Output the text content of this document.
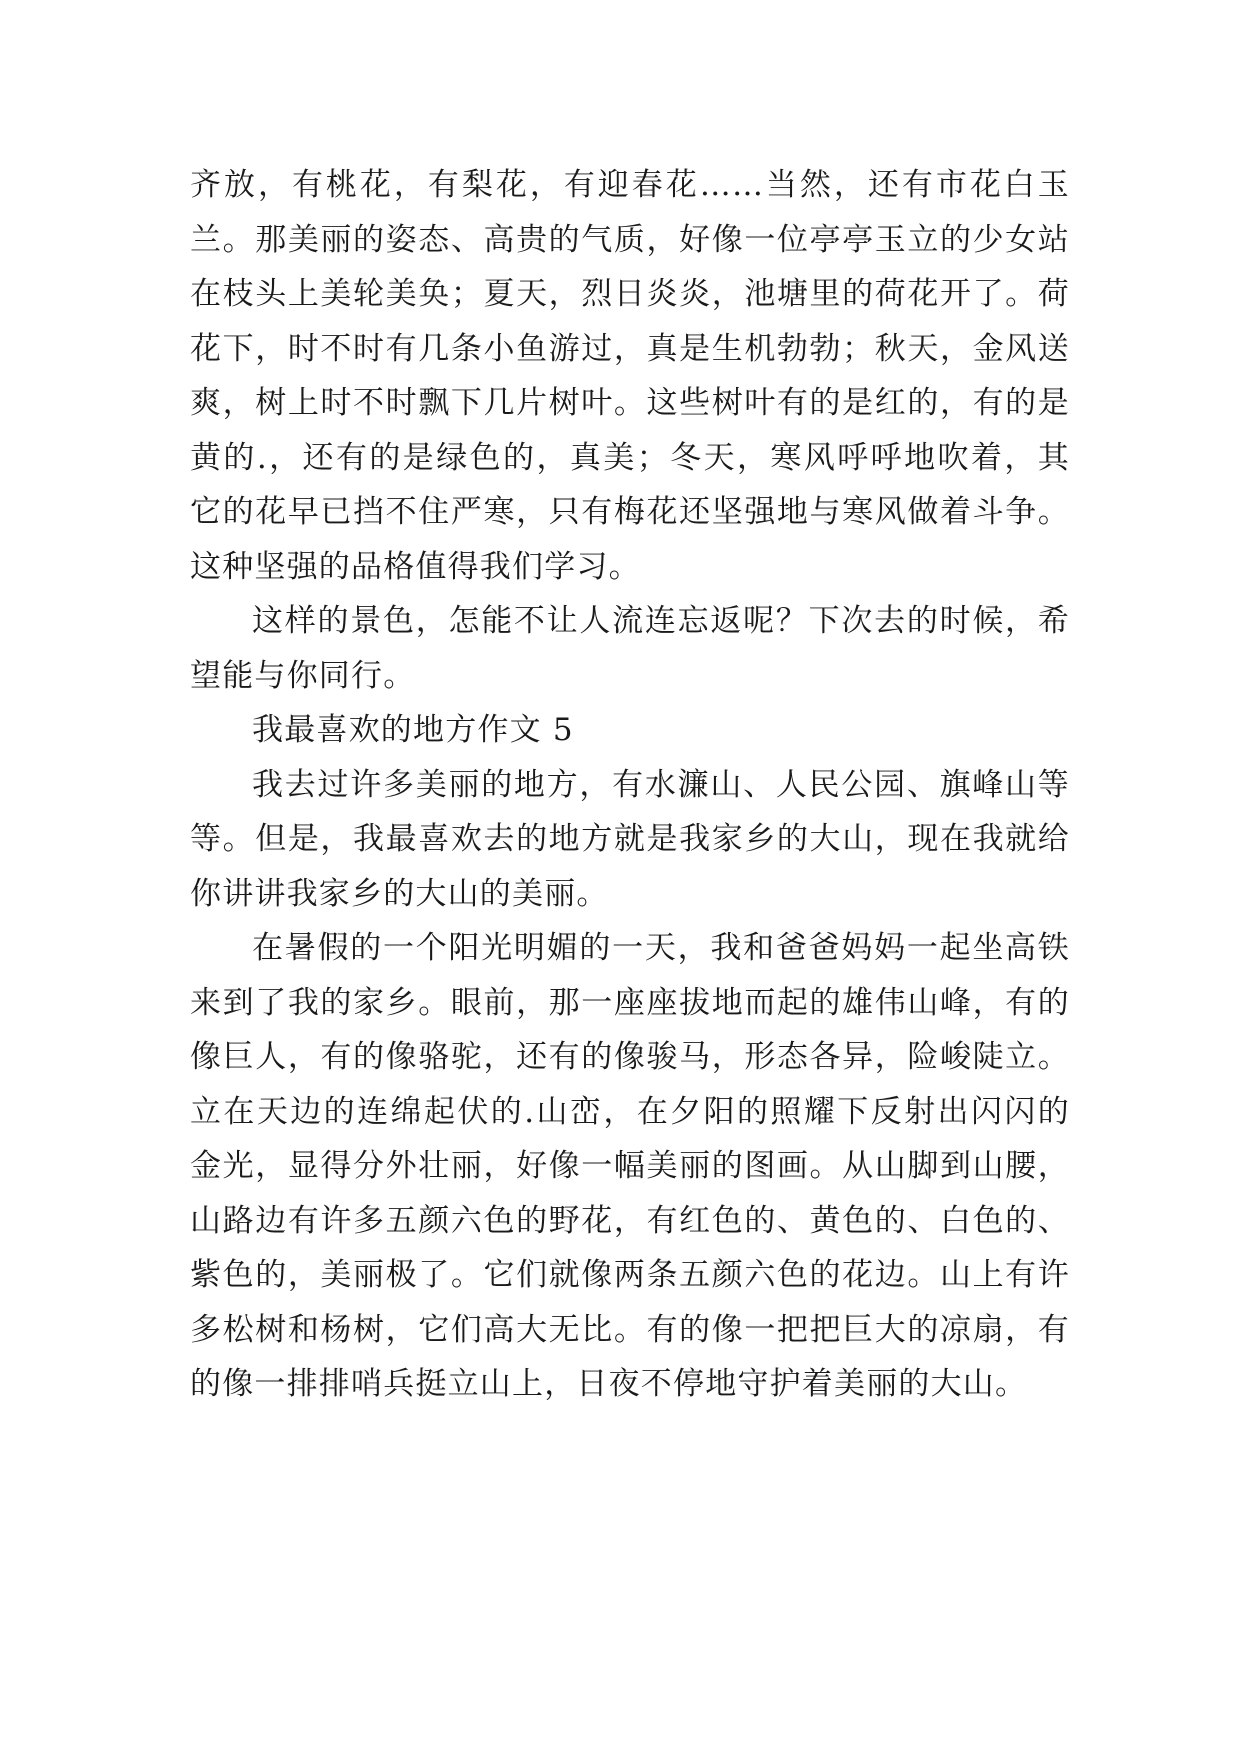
齐放，有桃花，有梨花，有迎春花……当然，还有市花白玉兰。那美丽的姿态、高贵的气质，好像一位亭亭玉立的少女站在枝头上美轮美奂；夏天，烈日炎炎，池塘里的荷花开了。荷花下，时不时有几条小鱼游过，真是生机勃勃；秋天，金风送爽，树上时不时飘下几片树叶。这些树叶有的是红的，有的是黄的.，还有的是绿色的，真美；冬天，寒风呼呼地吹着，其它的花早已挡不住严寒，只有梅花还坚强地与寒风做着斗争。这种坚强的品格值得我们学习。

这样的景色，怎能不让人流连忘返呢？下次去的时候，希望能与你同行。

我最喜欢的地方作文 5

我去过许多美丽的地方，有水濂山、人民公园、旗峰山等等。但是，我最喜欢去的地方就是我家乡的大山，现在我就给你讲讲我家乡的大山的美丽。

在暑假的一个阳光明媚的一天，我和爸爸妈妈一起坐高铁来到了我的家乡。眼前，那一座座拔地而起的雄伟山峰，有的像巨人，有的像骆驼，还有的像骏马，形态各异，险峻陡立。立在天边的连绵起伏的.山峦，在夕阳的照耀下反射出闪闪的金光，显得分外壮丽，好像一幅美丽的图画。从山脚到山腰，山路边有许多五颜六色的野花，有红色的、黄色的、白色的、紫色的，美丽极了。它们就像两条五颜六色的花边。山上有许多松树和杨树，它们高大无比。有的像一把把巨大的凉扇，有的像一排排哨兵挺立山上，日夜不停地守护着美丽的大山。
